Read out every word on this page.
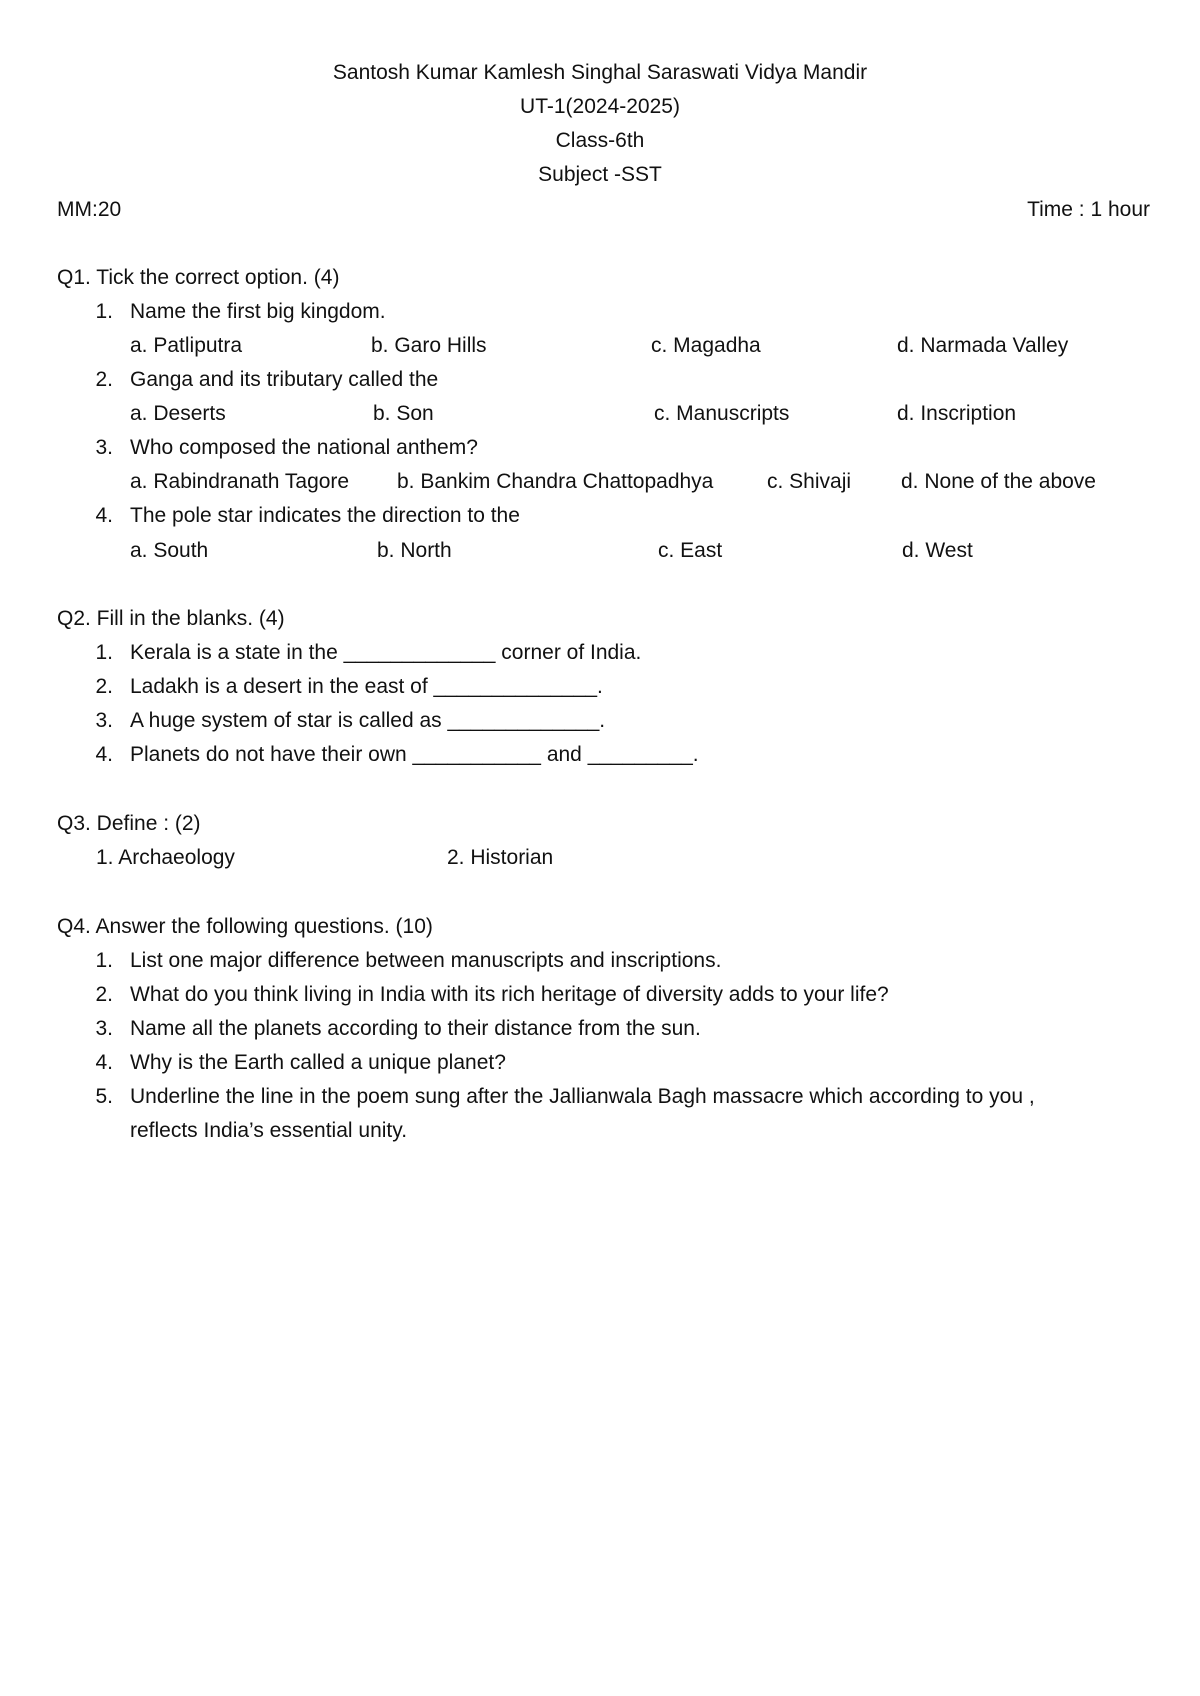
Santosh Kumar Kamlesh Singhal Saraswati Vidya Mandir
UT-1(2024-2025)
Class-6th
Subject -SST
MM:20	Time : 1 hour
Q1. Tick the correct option. (4)
1. Name the first big kingdom.
a. Patliputra	b. Garo Hills	c. Magadha	d. Narmada Valley
2. Ganga and its tributary called the
a. Deserts	b. Son	c. Manuscripts	d. Inscription
3. Who composed the national anthem?
a. Rabindranath Tagore b. Bankim Chandra Chattopadhya	c. Shivaji d. None of the above
4. The pole star indicates the direction to the
a. South	b. North	c. East	d. West
Q2. Fill in the blanks. (4)
1. Kerala is a state in the _____________ corner of India.
2. Ladakh is a desert in the east of ______________.
3. A huge system of star is called as _____________.
4. Planets do not have their own ___________ and _________.
Q3. Define : (2)
1. Archaeology	2. Historian
Q4. Answer the following questions. (10)
1. List one major difference between manuscripts and inscriptions.
2. What do you think living in India with its rich heritage of diversity adds to your life?
3. Name all the planets according to their distance from the sun.
4. Why is the Earth called a unique planet?
5. Underline the line in the poem sung after the Jallianwala Bagh massacre which according to you ,
reflects India’s essential unity.
